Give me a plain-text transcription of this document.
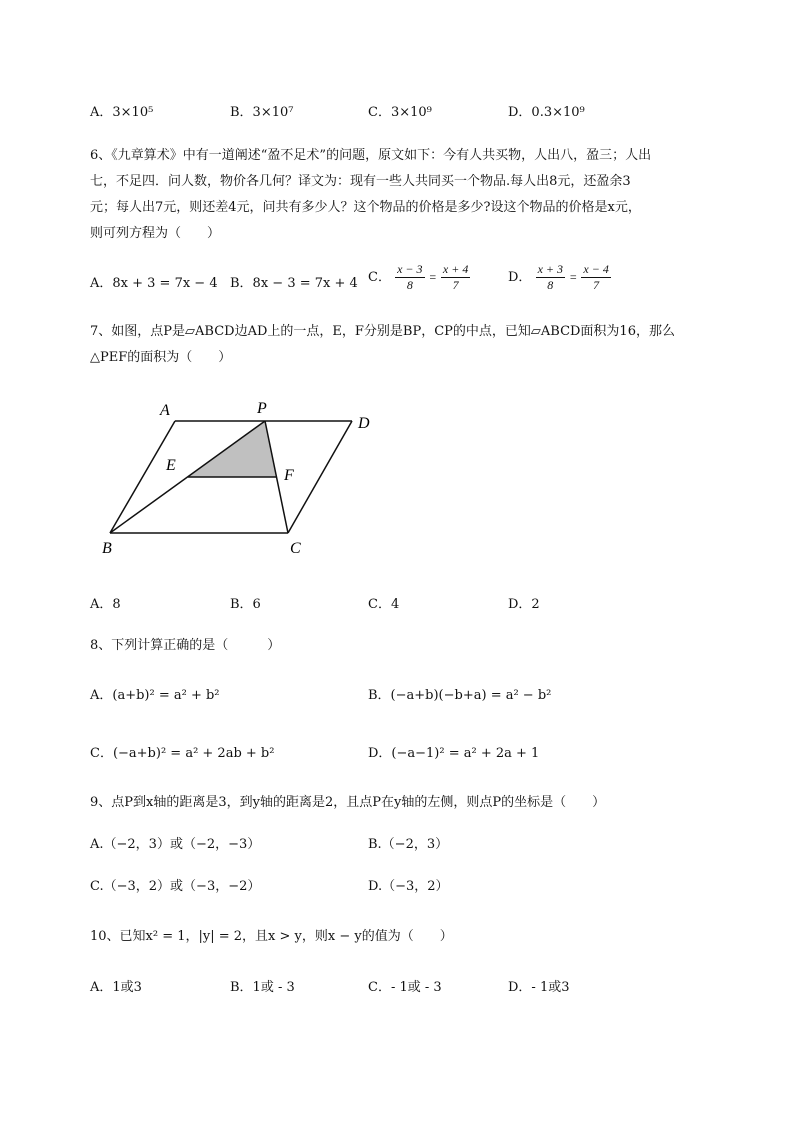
A．3×10⁵	B．3×10⁷	C．3×10⁹	D．0.3×10⁹
6、《九章算术》中有一道阐述“盈不足术”的问题，原文如下：今有人共买物，人出八，盈三；人出
七，不足四．问人数，物价各几何？译文为：现有一些人共同买一个物品.每人出8元，还盈余3
元；每人出7元，则还差4元，问共有多少人？这个物品的价格是多少?设这个物品的价格是x元，
则可列方程为（　　）
A．8x + 3 = 7x − 4 B．8x − 3 = 7x + 4 C． $\frac{x - 3}{8} = \frac{x + 4}{7}$	D． $\frac{x + 3}{8} = \frac{x - 4}{7}$
7、如图，点P是▱ABCD边AD上的一点，E，F分别是BP，CP的中点，已知▱ABCD面积为16，那么
△PEF的面积为（　　）
A	P
D
E
F
B	C
A．8	B．6	C．4	D．2
8、下列计算正确的是（　　　）
A．(a+b)² = a² + b²	B．(−a+b)(−b+a) = a² − b²
C．(−a+b)² = a² + 2ab + b²	D．(−a−1)² = a² + 2a + 1
9、点P到x轴的距离是3，到y轴的距离是2，且点P在y轴的左侧，则点P的坐标是（　　）
A.（−2，3）或（−2，−3）	B.（−2，3）
C.（−3，2）或（−3，−2）	D.（−3，2）
10、已知x² = 1，|y| = 2，且x > y，则x − y的值为（　　）
A．1或3	B．1或 - 3	C．- 1或 - 3	D．- 1或3
